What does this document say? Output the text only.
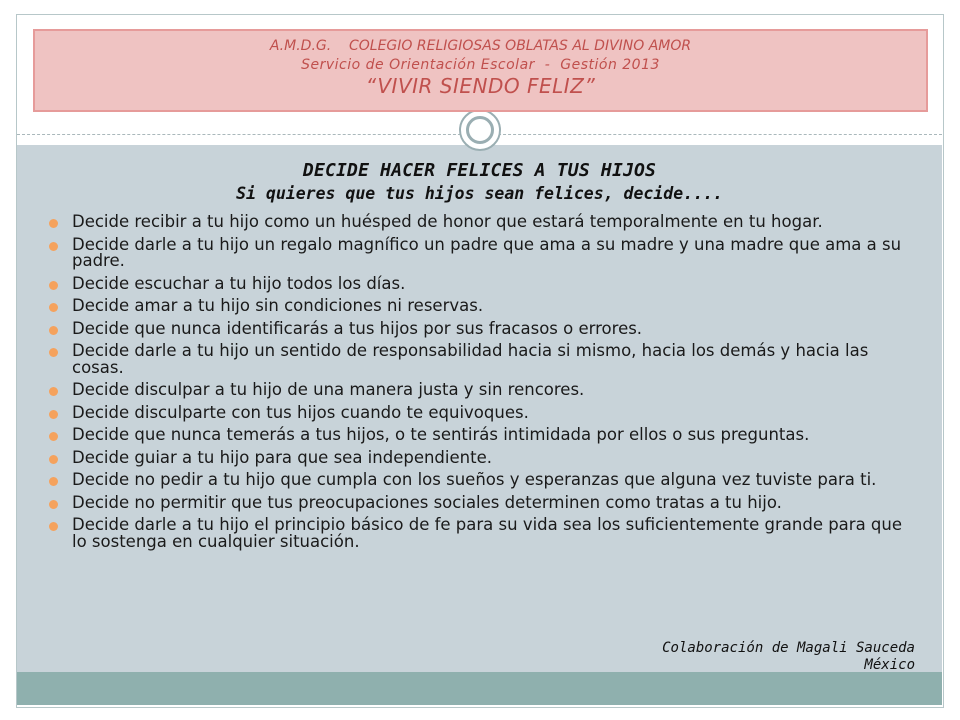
A.M.D.G.    COLEGIO RELIGIOSAS OBLATAS AL DIVINO AMOR
Servicio de Orientación Escolar  -  Gestión 2013
“VIVIR SIENDO FELIZ”
DECIDE HACER FELICES A TUS HIJOS
Si quieres que tus hijos sean felices, decide....
Decide recibir a tu hijo como un huésped de honor que estará temporalmente en tu hogar.
Decide darle a tu hijo un regalo magnífico un padre que ama a su madre y una madre que ama a su padre.
Decide escuchar a tu hijo todos los días.
Decide amar a tu hijo sin condiciones ni reservas.
Decide que nunca identificarás a tus hijos por sus fracasos o errores.
Decide darle a tu hijo un sentido de responsabilidad hacia si mismo, hacia los demás y hacia las cosas.
Decide disculpar a tu hijo de una manera justa y sin rencores.
Decide disculparte con tus hijos cuando te equivoques.
Decide que nunca temerás a tus hijos, o te sentirás intimidada por ellos o sus preguntas.
Decide guiar a tu hijo para que sea independiente.
Decide no pedir a tu hijo que cumpla con los sueños y esperanzas que alguna vez tuviste para ti.
Decide no permitir que tus preocupaciones sociales determinen como tratas a tu hijo.
Decide darle a tu hijo el principio básico de fe para su vida sea los suficientemente grande para que lo sostenga en cualquier situación.
Colaboración de Magali Sauceda
México
